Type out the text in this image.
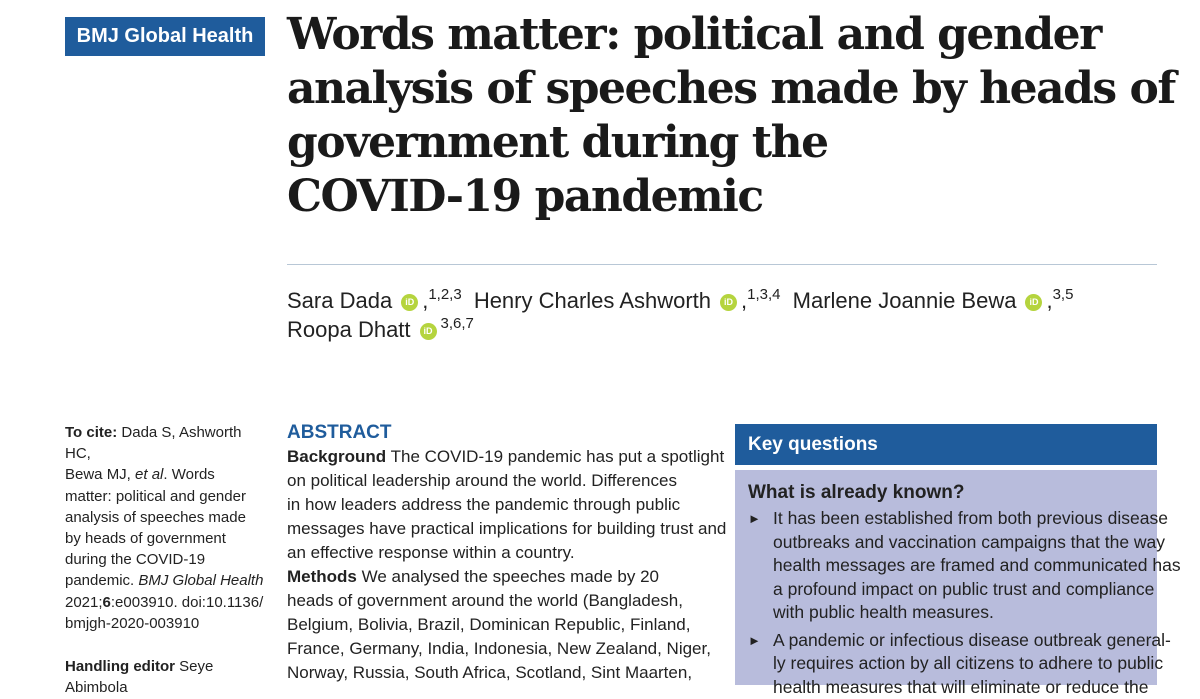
BMJ Global Health Words matter: political and gender
analysis of speeches made by heads of
government during the
COVID-19 pandemic
Sara Dada iD ,$^{1,2,3}$ Henry Charles Ashworth iD ,$^{1,3,4}$ Marlene Joannie Bewa iD ,$^{3,5}$
Roopa Dhatt iD $^{3,6,7}$
To cite: Dada S, Ashworth HC,
Bewa MJ, et al. Words
matter: political and gender
analysis of speeches made
by heads of government
during the COVID-19
pandemic. BMJ Global Health
2021;6:e003910. doi:10.1136/
bmjgh-2020-003910
Handling editor Seye Abimbola
ABSTRACT

Background The COVID-19 pandemic has put a spotlight
on political leadership around the world. Differences
in how leaders address the pandemic through public
messages have practical implications for building trust and
an effective response within a country.

Methods We analysed the speeches made by 20
heads of government around the world (Bangladesh,
Belgium, Bolivia, Brazil, Dominican Republic, Finland,
France, Germany, India, Indonesia, New Zealand, Niger,
Norway, Russia, South Africa, Scotland, Sint Maarten,

Key questions
What is already known?
► It has been established from both previous disease
outbreaks and vaccination campaigns that the way
health messages are framed and communicated has
a profound impact on public trust and compliance
with public health measures.
► A pandemic or infectious disease outbreak general-
ly requires action by all citizens to adhere to public
health measures that will eliminate or reduce the
